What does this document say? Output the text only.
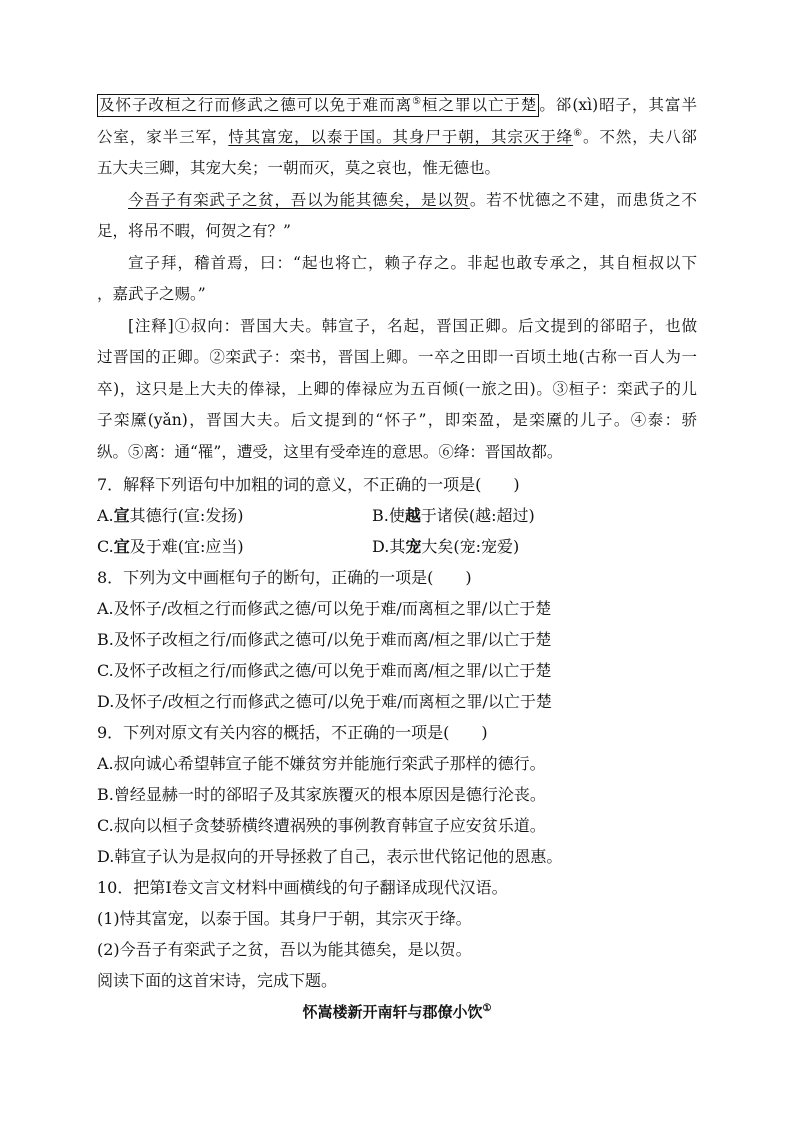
及怀子改桓之行而修武之德可以免于难而离⑤桓之罪以亡于楚 。郤(xì)昭子，其富半
公室，家半三军，恃其富宠，以泰于国。其身尸于朝，其宗灭于绛⑥。不然，夫八郤
五大夫三卿，其宠大矣；一朝而灭，莫之哀也，惟无德也。
今吾子有栾武子之贫，吾以为能其德矣，是以贺。若不忧德之不建，而患货之不
足，将吊不暇，何贺之有？”
宣子拜，稽首焉，曰：“起也将亡，赖子存之。非起也敢专承之，其自桓叔以下
，嘉武子之赐。”
[注释]①叔向：晋国大夫。韩宣子，名起，晋国正卿。后文提到的郤昭子，也做
过晋国的正卿。②栾武子：栾书，晋国上卿。一卒之田即一百顷土地(古称一百人为一
卒)，这只是上大夫的俸禄，上卿的俸禄应为五百倾(一旅之田)。③桓子：栾武子的儿
子栾黡(yǎn)，晋国大夫。后文提到的“怀子”，即栾盈，是栾黡的儿子。④泰：骄
纵。⑤离：通“罹”，遭受，这里有受牵连的意思。⑥绛：晋国故都。
7．解释下列语句中加粗的词的意义，不正确的一项是(　　)
A.宣其德行(宣:发扬)	B.使越于诸侯(越:超过)
C.宜及于难(宜:应当)	D.其宠大矣(宠:宠爱)
8．下列为文中画框句子的断句，正确的一项是(　　)
A.及怀子/改桓之行而修武之德/可以免于难/而离桓之罪/以亡于楚
B.及怀子改桓之行/而修武之德可/以免于难而离/桓之罪/以亡于楚
C.及怀子改桓之行/而修武之德/可以免于难而离/桓之罪/以亡于楚
D.及怀子/改桓之行而修武之德可/以免于难/而离桓之罪/以亡于楚
9．下列对原文有关内容的概括，不正确的一项是(　　)
A.叔向诚心希望韩宣子能不嫌贫穷并能施行栾武子那样的德行。
B.曾经显赫一时的郤昭子及其家族覆灭的根本原因是德行沦丧。
C.叔向以桓子贪婪骄横终遭祸殃的事例教育韩宣子应安贫乐道。
D.韩宣子认为是叔向的开导拯救了自己，表示世代铭记他的恩惠。
10．把第Ⅰ卷文言文材料中画横线的句子翻译成现代汉语。
(1)恃其富宠，以泰于国。其身尸于朝，其宗灭于绛。
(2)今吾子有栾武子之贫，吾以为能其德矣，是以贺。
阅读下面的这首宋诗，完成下题。
怀嵩楼新开南轩与郡僚小饮①
